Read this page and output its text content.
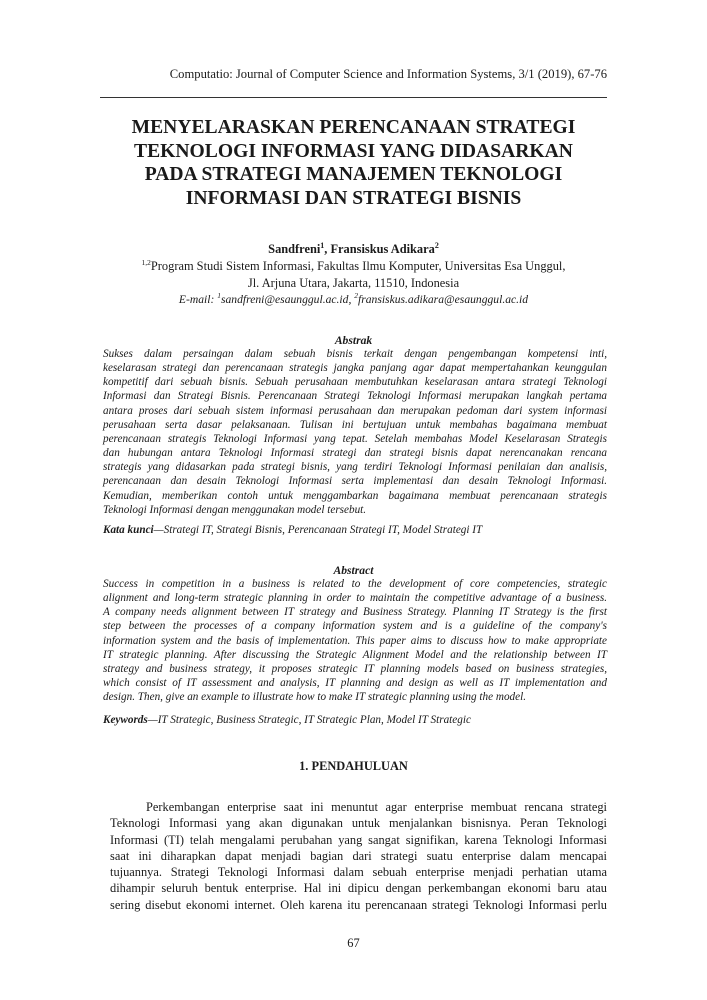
Computatio: Journal of Computer Science and Information Systems, 3/1 (2019), 67-76
MENYELARASKAN PERENCANAAN STRATEGI
TEKNOLOGI INFORMASI YANG DIDASARKAN
PADA STRATEGI MANAJEMEN TEKNOLOGI
INFORMASI DAN STRATEGI BISNIS
Sandfreni$^1$, Fransiskus Adikara$^2$
$^{1,2}$Program Studi Sistem Informasi, Fakultas Ilmu Komputer, Universitas Esa Unggul,
Jl. Arjuna Utara, Jakarta, 11510, Indonesia
E-mail: $^1$sandfreni@esaunggul.ac.id, $^2$fransiskus.adikara@esaunggul.ac.id
Abstrak
Sukses dalam persaingan dalam sebuah bisnis terkait dengan pengembangan kompetensi inti,
keselarasan strategi dan perencanaan strategis jangka panjang agar dapat mempertahankan keunggulan
kompetitif dari sebuah bisnis. Sebuah perusahaan membutuhkan keselarasan antara strategi Teknologi
Informasi dan Strategi Bisnis. Perencanaan Strategi Teknologi Informasi merupakan langkah pertama
antara proses dari sebuah sistem informasi perusahaan dan merupakan pedoman dari system informasi
perusahaan serta dasar pelaksanaan. Tulisan ini bertujuan untuk membahas bagaimana membuat
perencanaan strategis Teknologi Informasi yang tepat. Setelah membahas Model Keselarasan Strategis
dan hubungan antara Teknologi Informasi strategi dan strategi bisnis dapat nerencanakan rencana
strategis yang didasarkan pada strategi bisnis, yang terdiri Teknologi Informasi penilaian dan analisis,
perencanaan dan desain Teknologi Informasi serta implementasi dan desain Teknologi Informasi.
Kemudian, memberikan contoh untuk menggambarkan bagaimana membuat perencanaan strategis
Teknologi Informasi dengan menggunakan model tersebut.
Kata kunci—Strategi IT, Strategi Bisnis, Perencanaan Strategi IT, Model Strategi IT
Abstract
Success in competition in a business is related to the development of core competencies, strategic
alignment and long-term strategic planning in order to maintain the competitive advantage of a business.
A company needs alignment between IT strategy and Business Strategy. Planning IT Strategy is the first
step between the processes of a company information system and is a guideline of the company's
information system and the basis of implementation. This paper aims to discuss how to make appropriate
IT strategic planning. After discussing the Strategic Alignment Model and the relationship between IT
strategy and business strategy, it proposes strategic IT planning models based on business strategies,
which consist of IT assessment and analysis, IT planning and design as well as IT implementation and
design. Then, give an example to illustrate how to make IT strategic planning using the model.
Keywords—IT Strategic, Business Strategic, IT Strategic Plan, Model IT Strategic
1. PENDAHULUAN
Perkembangan enterprise saat ini menuntut agar enterprise membuat rencana strategi
Teknologi Informasi yang akan digunakan untuk menjalankan bisnisnya. Peran Teknologi
Informasi (TI) telah mengalami perubahan yang sangat signifikan, karena Teknologi Informasi
saat ini diharapkan dapat menjadi bagian dari strategi suatu enterprise dalam mencapai
tujuannya. Strategi Teknologi Informasi dalam sebuah enterprise menjadi perhatian utama
dihampir seluruh bentuk enterprise. Hal ini dipicu dengan perkembangan ekonomi baru atau
sering disebut ekonomi internet. Oleh karena itu perencanaan strategi Teknologi Informasi perlu
67
